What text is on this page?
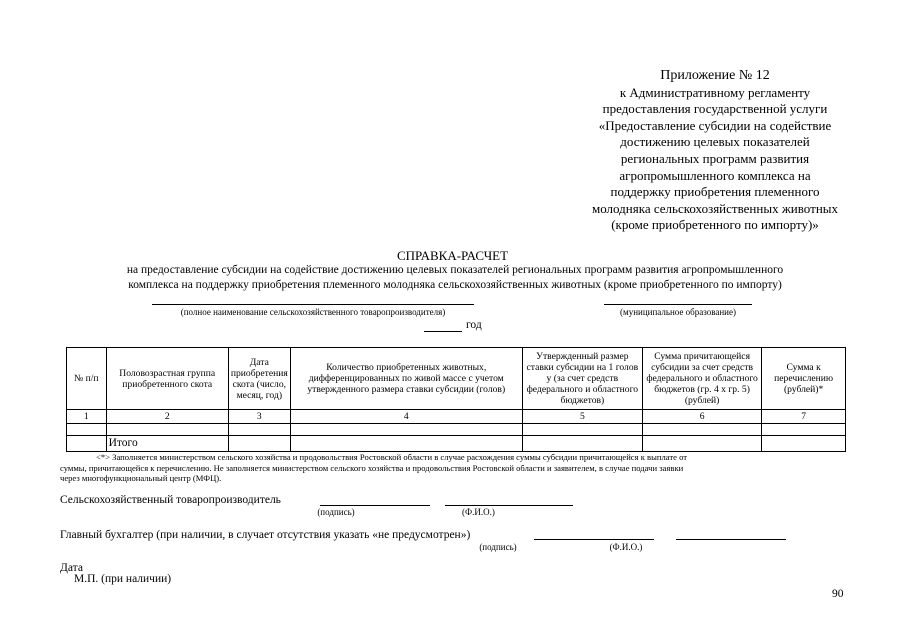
Приложение № 12
к Административному регламенту
предоставления государственной услуги
«Предоставление субсидии на содействие
достижению целевых показателей
региональных программ развития
агропромышленного комплекса на
поддержку приобретения племенного
молодняка сельскохозяйственных животных
(кроме приобретенного по импорту)»
СПРАВКА-РАСЧЕТ
на предоставление субсидии на содействие достижению целевых показателей региональных программ развития агропромышленного
комплекса на поддержку приобретения племенного молодняка сельскохозяйственных животных (кроме приобретенного по импорту)
(полное наименование сельскохозяйственного товаропроизводителя)	(муниципальное образование)
год
№ п/п	Половозрастная группа приобретенного скота	Дата приобретения скота (число, месяц, год)	Количество приобретенных животных, дифференцированных по живой массе с учетом утвержденного размера ставки субсидии (голов)	Утвержденный размер ставки субсидии на 1 голов у (за счет средств федерального и областного бюджетов)	Сумма причитающейся субсидии за счет средств федерального и областного бюджетов (гр. 4 х гр. 5) (рублей)	Сумма к перечислению (рублей)*
1	2	3	4	5	6	7

	Итого					
<*> Заполняется министерством сельского хозяйства и продовольствия Ростовской области в случае расхождения суммы субсидии причитающейся к выплате от
суммы, причитающейся к перечислению. Не заполняется министерством сельского хозяйства и продовольствия Ростовской области и заявителем, в случае подачи заявки
через многофункциональный центр (МФЦ).
Сельскохозяйственный товаропроизводитель
(подпись)	(Ф.И.О.)
Главный бухгалтер (при наличии, в случает отсутствия указать «не предусмотрен»)
(подпись)	(Ф.И.О.)
Дата
М.П. (при наличии)
90
